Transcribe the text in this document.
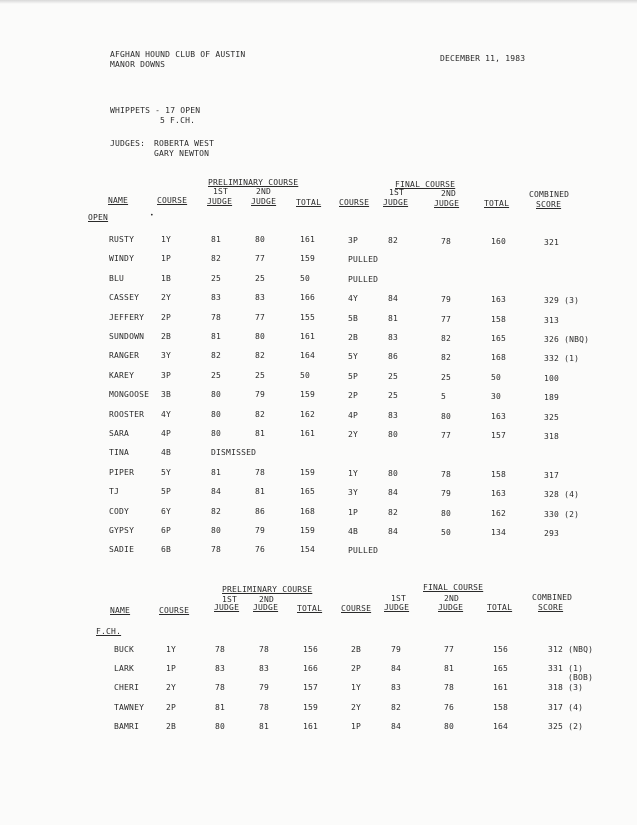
AFGHAN HOUND CLUB OF AUSTIN
MANOR DOWNS
DECEMBER 11, 1983
WHIPPETS - 17 OPEN
5 F.CH.
JUDGES: ROBERTA WEST
GARY NEWTON
PRELIMINARY COURSE	FINAL COURSE
1ST
JUDGE
2ND
JUDGE
NAME	COURSE	TOTAL COURSE
1ST
JUDGE
2ND
JUDGE	TOTAL
COMBINED
SCORE
OPEN	•
RUSTY	1Y	81	80	161	3P	82	78	160	321
WINDY	1P	82	77	159	PULLED
BLU	1B	25	25	50	PULLED
CASSEY	2Y	83	83	166	4Y	84	79	163	329 (3)
JEFFERY 2P	78	77	155	5B	81	77	158	313
SUNDOWN 2B	81	80	161	2B	83	82	165	326 (NBQ)
RANGER	3Y	82	82	164	5Y	86	82	168	332 (1)
KAREY	3P	25	25	50	5P	25	25	50	100
MONGOOSE 3B	80	79	159	2P	25	5	30	189
ROOSTER 4Y	80	82	162	4P	83	80	163	325
SARA	4P	80	81	161	2Y	80	77	157	318
TINA	4B	DISMISSED
PIPER	5Y	81	78	159	1Y	80	78	158	317
TJ	5P	84	81	165	3Y	84	79	163	328 (4)
CODY	6Y	82	86	168	1P	82	80	162	330 (2)
GYPSY	6P	80	79	159	4B	84	50	134	293
SADIE	6B	78	76	154	PULLED
PRELIMINARY COURSE	FINAL COURSE
1ST
JUDGE
2ND
JUDGE
NAME	COURSE	TOTAL COURSE
1ST
JUDGE
2ND
JUDGE	TOTAL
COMBINED
SCORE
F.CH.
BUCK	1Y	78	78	156	2B	79	77	156	312 (NBQ)
LARK	1P	83	83	166	2P	84	81	165	331 (1)
(BOB)
CHERI	2Y	78	79	157	1Y	83	78	161	318 (3)
TAWNEY	2P	81	78	159	2Y	82	76	158	317 (4)
BAMRI	2B	80	81	161	1P	84	80	164	325 (2)
